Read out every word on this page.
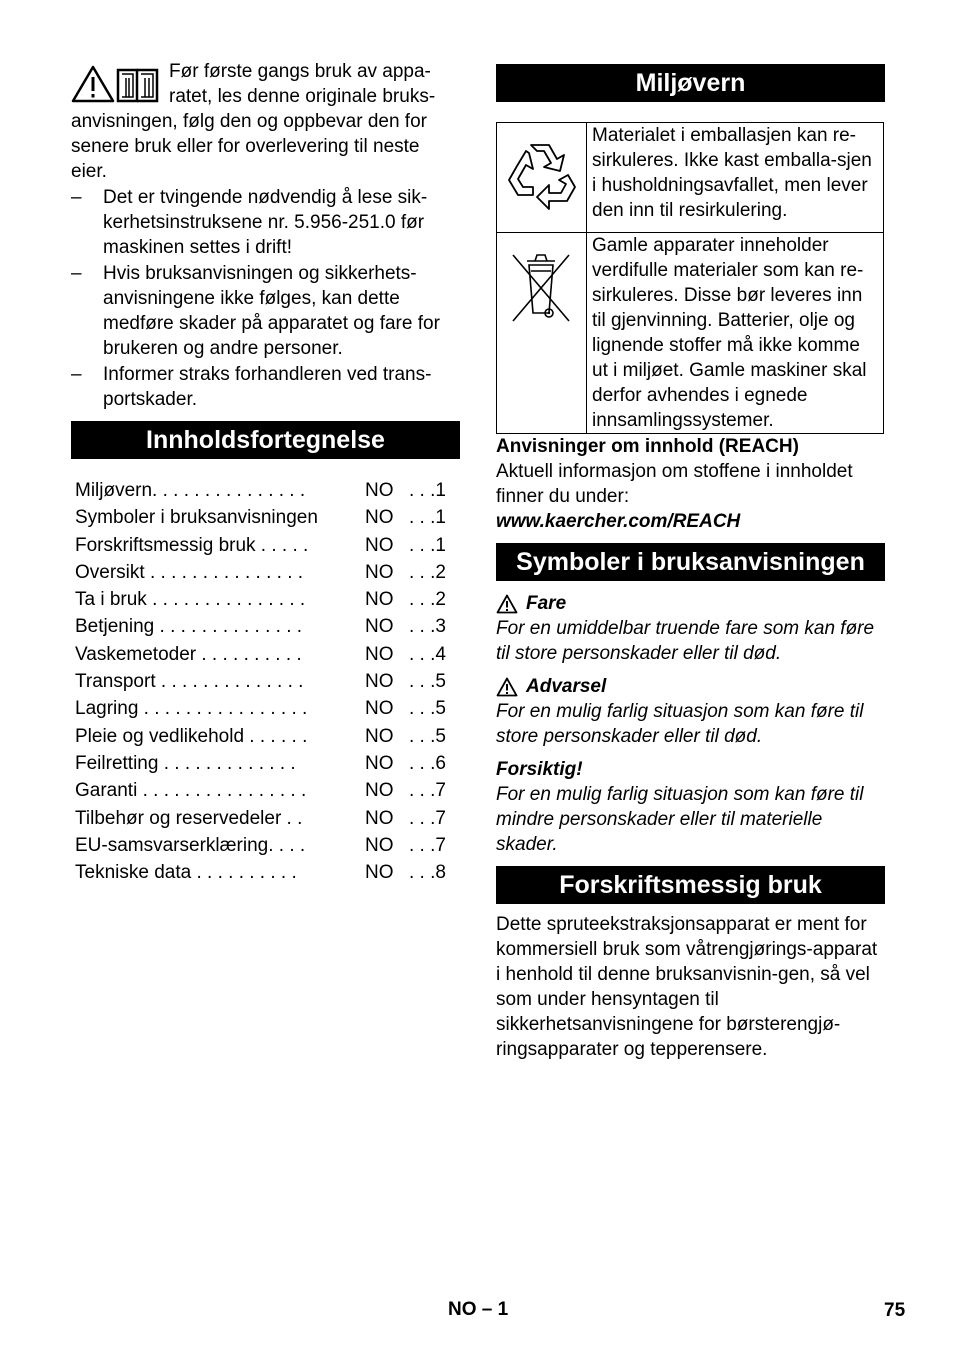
Før første gangs bruk av appa-ratet, les denne originale bruks-anvisningen, følg den og oppbevar den for senere bruk eller for overlevering til neste eier.

– Det er tvingende nødvendig å lese sik-kerhetsinstruksene nr. 5.956-251.0 før maskinen settes i drift!
– Hvis bruksanvisningen og sikkerhets-anvisningene ikke følges, kan dette medføre skader på apparatet og fare for brukeren og andre personer.
– Informer straks forhandleren ved trans-portskader.
Innholdsfortegnelse
Miljøvern. . . . . . . . . . . . . . .	NO . . .1
Symboler i bruksanvisningen	NO . . .1
Forskriftsmessig bruk . . . . .	NO . . .1
Oversikt . . . . . . . . . . . . . . .	NO . . .2
Ta i bruk . . . . . . . . . . . . . . .	NO . . .2
Betjening . . . . . . . . . . . . . .	NO . . .3
Vaskemetoder . . . . . . . . . .	NO . . .4
Transport . . . . . . . . . . . . . .	NO . . .5
Lagring . . . . . . . . . . . . . . . .	NO . . .5
Pleie og vedlikehold . . . . . .	NO . . .5
Feilretting . . . . . . . . . . . . .	NO . . .6
Garanti . . . . . . . . . . . . . . . .	NO . . .7
Tilbehør og reservedeler . .	NO . . .7
EU-samsvarserklæring. . . .	NO . . .7
Tekniske data . . . . . . . . . .	NO . . .8
Miljøvern
	Materialet i emballasjen kan re-sirkuleres. Ikke kast emballa-sjen i husholdningsavfallet, men lever den inn til resirkulering.
	Gamle apparater inneholder verdifulle materialer som kan re-sirkuleres. Disse bør leveres inn til gjenvinning. Batterier, olje og lignende stoffer må ikke komme ut i miljøet. Gamle maskiner skal derfor avhendes i egnede innsamlingssystemer.
Anvisninger om innhold (REACH)
Aktuell informasjon om stoffene i innholdet finner du under:
www.kaercher.com/REACH
Symboler i bruksanvisningen
Fare
For en umiddelbar truende fare som kan føre til store personskader eller til død.
Advarsel
For en mulig farlig situasjon som kan føre til store personskader eller til død.
Forsiktig!
For en mulig farlig situasjon som kan føre til mindre personskader eller til materielle skader.
Forskriftsmessig bruk
Dette spruteekstraksjonsapparat er ment for kommersiell bruk som våtrengjørings-apparat i henhold til denne bruksanvisnin-gen, så vel som under hensyntagen til sikkerhetsanvisningene for børsterengjø-ringsapparater og tepperensere.
NO – 1	75
